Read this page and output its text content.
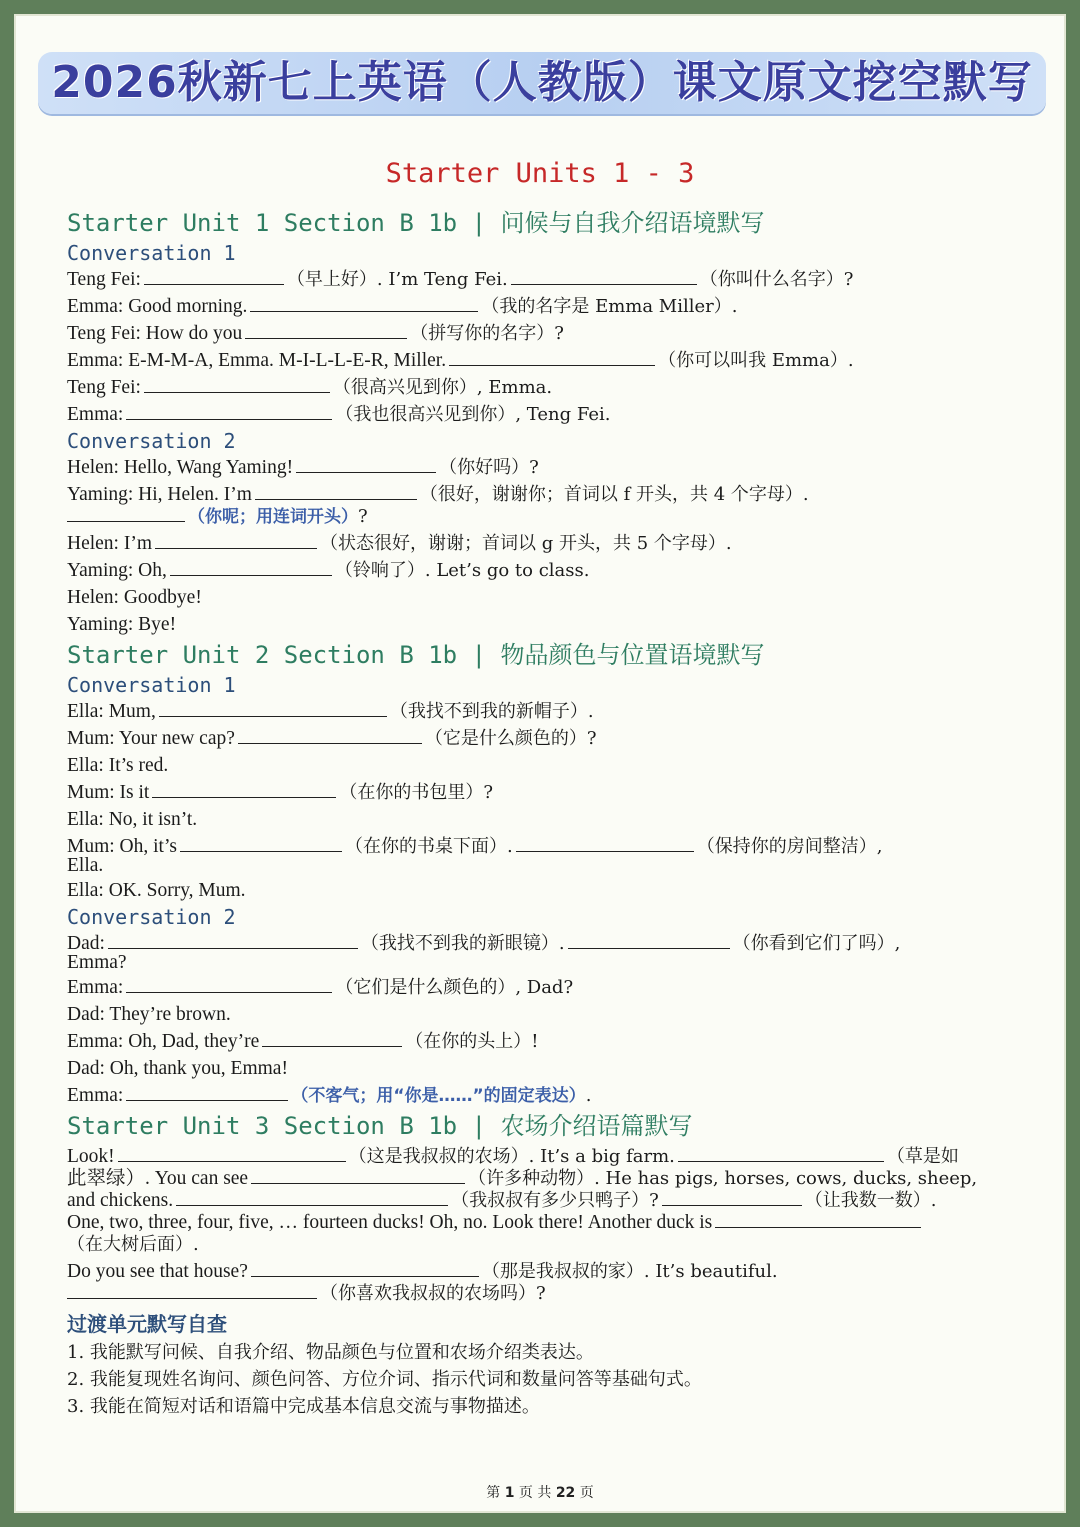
2026秋新七上英语（人教版）课文原文挖空默写
Starter Units 1 - 3
Starter Unit 1 Section B 1b | 问候与自我介绍语境默写
Conversation 1
Teng Fei:	（早上好）. I’m Teng Fei.	（你叫什么名字）?
Emma: Good morning.	（我的名字是 Emma Miller）.
Teng Fei: How do you	（拼写你的名字）?
Emma: E-M-M-A, Emma. M-I-L-L-E-R, Miller.	（你可以叫我 Emma）.
Teng Fei:	（很高兴见到你）, Emma.
Emma:	（我也很高兴见到你）, Teng Fei.
Conversation 2
Helen: Hello, Wang Yaming!	（你好吗）?
Yaming: Hi, Helen. I’m	（很好，谢谢你；首词以 f 开头，共 4 个字母）.
（你呢；用连词开头）?
Helen: I’m	（状态很好，谢谢；首词以 g 开头，共 5 个字母）.
Yaming: Oh,	（铃响了）. Let’s go to class.
Helen: Goodbye!
Yaming: Bye!
Starter Unit 2 Section B 1b | 物品颜色与位置语境默写
Conversation 1
Ella: Mum,	（我找不到我的新帽子）.
Mum: Your new cap?	（它是什么颜色的）?
Ella: It’s red.
Mum: Is it	（在你的书包里）?
Ella: No, it isn’t.
Mum: Oh, it’s	（在你的书桌下面）.	（保持你的房间整洁）,
Ella.
Ella: OK. Sorry, Mum.
Conversation 2
Dad:	（我找不到我的新眼镜）.	（你看到它们了吗）,
Emma?
Emma:	（它们是什么颜色的）, Dad?
Dad: They’re brown.
Emma: Oh, Dad, they’re	（在你的头上）!
Dad: Oh, thank you, Emma!
Emma:	（不客气；用“你是……”的固定表达）.
Starter Unit 3 Section B 1b | 农场介绍语篇默写
Look!	（这是我叔叔的农场）. It’s a big farm.	（草是如
此翠绿）. You can see	（许多种动物）. He has pigs, horses, cows, ducks, sheep,
and chickens.	（我叔叔有多少只鸭子）?	（让我数一数）.
One, two, three, four, five, … fourteen ducks! Oh, no. Look there! Another duck is
（在大树后面）.
Do you see that house?	（那是我叔叔的家）. It’s beautiful.
（你喜欢我叔叔的农场吗）?
过渡单元默写自查
1. 我能默写问候、自我介绍、物品颜色与位置和农场介绍类表达。
2. 我能复现姓名询问、颜色问答、方位介词、指示代词和数量问答等基础句式。
3. 我能在简短对话和语篇中完成基本信息交流与事物描述。
第 1 页 共 22 页
